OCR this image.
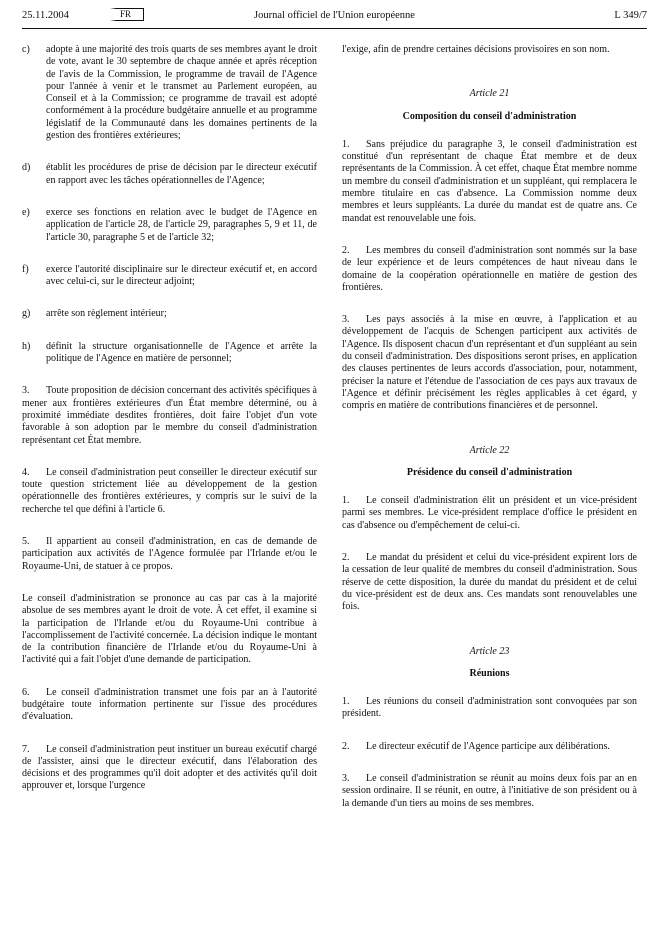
25.11.2004	FR	Journal officiel de l'Union européenne	L 349/7
c)	adopte à une majorité des trois quarts de ses membres ayant le droit de vote, avant le 30 septembre de chaque année et après réception de l'avis de la Commission, le programme de travail de l'Agence pour l'année à venir et le transmet au Parlement européen, au Conseil et à la Commission; ce programme de travail est adopté conformément à la procédure budgétaire annuelle et au programme législatif de la Communauté dans les domaines pertinents de la gestion des frontières extérieures;
d)	établit les procédures de prise de décision par le directeur exécutif en rapport avec les tâches opérationnelles de l'Agence;
e)	exerce ses fonctions en relation avec le budget de l'Agence en application de l'article 28, de l'article 29, paragraphes 5, 9 et 11, de l'article 30, paragraphe 5 et de l'article 32;
f)	exerce l'autorité disciplinaire sur le directeur exécutif et, en accord avec celui-ci, sur le directeur adjoint;
g)	arrête son règlement intérieur;
h)	définit la structure organisationnelle de l'Agence et arrête la politique de l'Agence en matière de personnel;

3. Toute proposition de décision concernant des activités spécifiques à mener aux frontières extérieures d'un État membre déterminé, ou à proximité immédiate desdites frontières, doit faire l'objet d'un vote favorable à son adoption par le membre du conseil d'administration représentant cet État membre.

4. Le conseil d'administration peut conseiller le directeur exécutif sur toute question strictement liée au développement de la gestion opérationnelle des frontières extérieures, y compris sur le suivi de la recherche tel que défini à l'article 6.

5. Il appartient au conseil d'administration, en cas de demande de participation aux activités de l'Agence formulée par l'Irlande et/ou le Royaume-Uni, de statuer à ce propos.

Le conseil d'administration se prononce au cas par cas à la majorité absolue de ses membres ayant le droit de vote. À cet effet, il examine si la participation de l'Irlande et/ou du Royaume-Uni contribue à l'accomplissement de l'activité concernée. La décision indique le montant de la contribution financière de l'Irlande et/ou du Royaume-Uni à l'activité qui a fait l'objet d'une demande de participation.

6. Le conseil d'administration transmet une fois par an à l'autorité budgétaire toute information pertinente sur l'issue des procédures d'évaluation.

7. Le conseil d'administration peut instituer un bureau exécutif chargé de l'assister, ainsi que le directeur exécutif, dans l'élaboration des décisions et des programmes qu'il doit adopter et des activités qu'il doit approuver et, lorsque l'urgence

l'exige, afin de prendre certaines décisions provisoires en son nom.

Article 21

Composition du conseil d'administration

1. Sans préjudice du paragraphe 3, le conseil d'administration est constitué d'un représentant de chaque État membre et de deux représentants de la Commission. À cet effet, chaque État membre nomme un membre du conseil d'administration et un suppléant, qui remplacera le membre titulaire en cas d'absence. La Commission nomme deux membres et leurs suppléants. La durée du mandat est de quatre ans. Ce mandat est renouvelable une fois.

2. Les membres du conseil d'administration sont nommés sur la base de leur expérience et de leurs compétences de haut niveau dans le domaine de la coopération opérationnelle en matière de gestion des frontières.

3. Les pays associés à la mise en œuvre, à l'application et au développement de l'acquis de Schengen participent aux activités de l'Agence. Ils disposent chacun d'un représentant et d'un suppléant au sein du conseil d'administration. Des dispositions seront prises, en application des clauses pertinentes de leurs accords d'association, pour, notamment, préciser la nature et l'étendue de l'association de ces pays aux travaux de l'Agence et définir précisément les règles applicables à cet égard, y compris en matière de contributions financières et de personnel.

Article 22

Présidence du conseil d'administration

1. Le conseil d'administration élit un président et un vice-président parmi ses membres. Le vice-président remplace d'office le président en cas d'absence ou d'empêchement de celui-ci.

2. Le mandat du président et celui du vice-président expirent lors de la cessation de leur qualité de membres du conseil d'administration. Sous réserve de cette disposition, la durée du mandat du président et de celui du vice-président est de deux ans. Ces mandats sont renouvelables une fois.

Article 23

Réunions

1. Les réunions du conseil d'administration sont convoquées par son président.

2. Le directeur exécutif de l'Agence participe aux délibérations.

3. Le conseil d'administration se réunit au moins deux fois par an en session ordinaire. Il se réunit, en outre, à l'initiative de son président ou à la demande d'un tiers au moins de ses membres.
